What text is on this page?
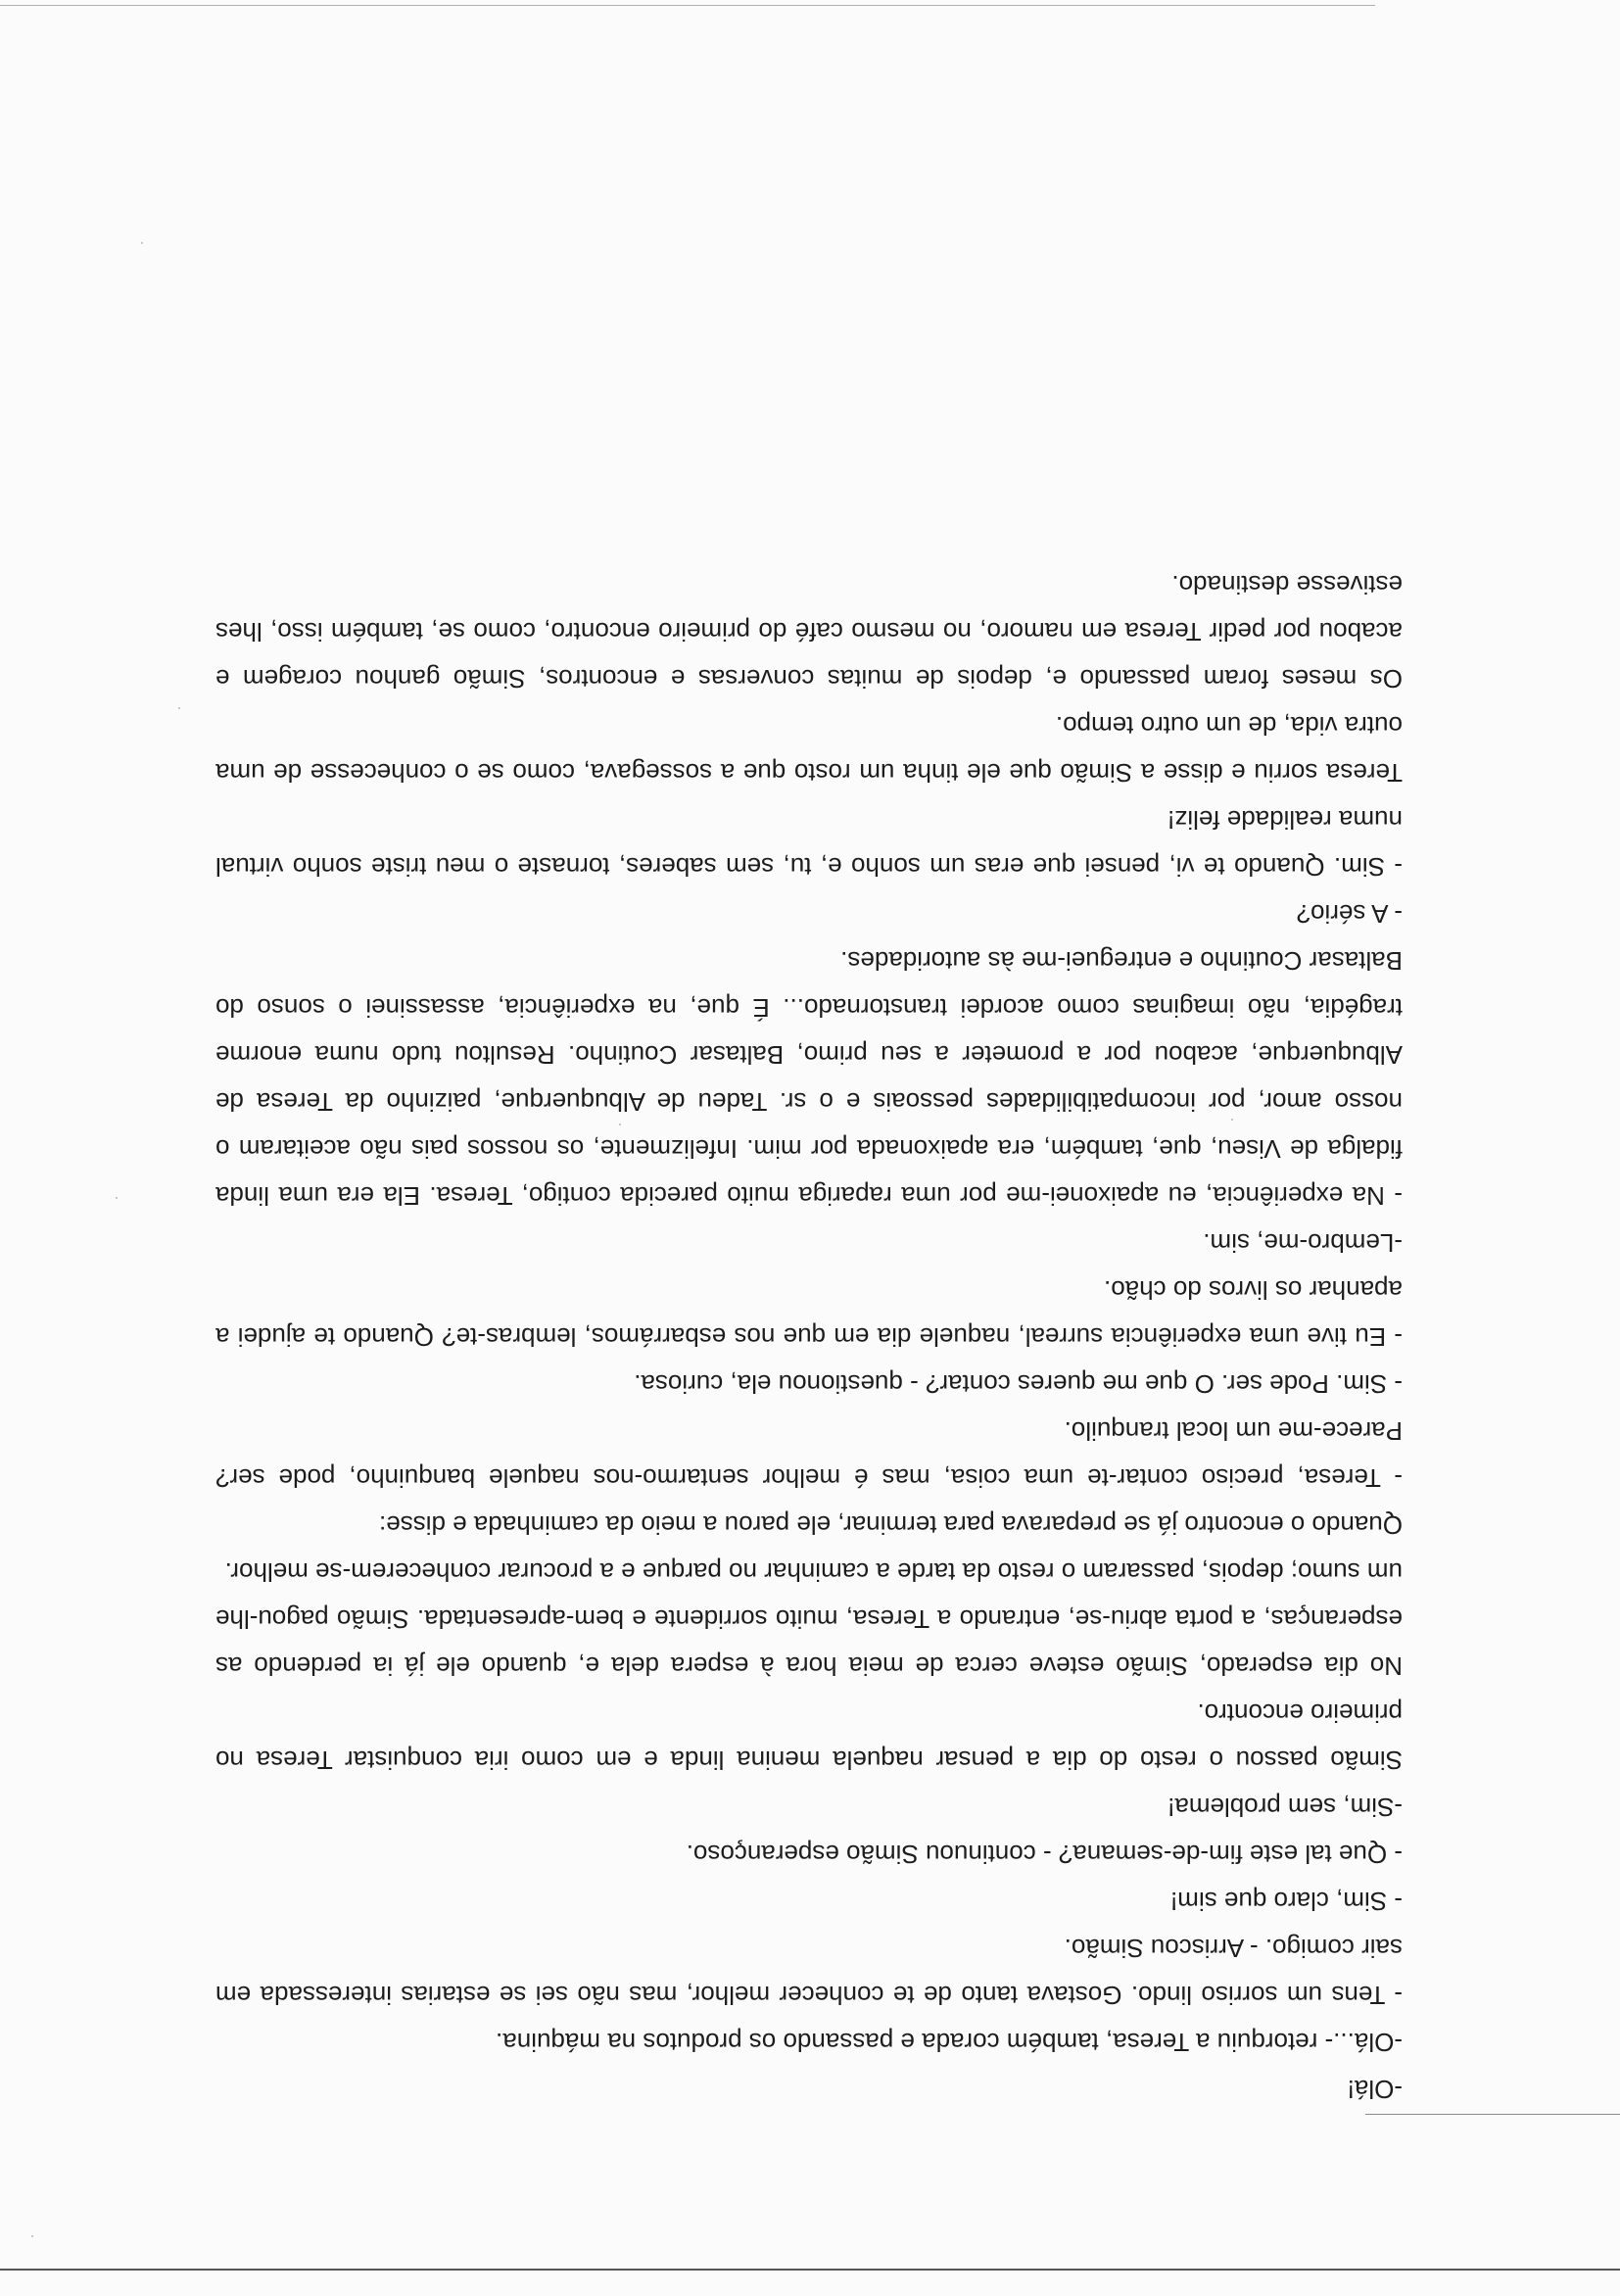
-Olá!

-Olá...- retorquiu a Teresa, também corada e passando os produtos na máquina.

- Tens um sorriso lindo. Gostava tanto de te conhecer melhor, mas não sei se estarias interessada em sair comigo. - Arriscou Simão.

- Sim, claro que sim!

- Que tal este fim-de-semana? - continuou Simão esperançoso.

-Sim, sem problema!

Simão passou o resto do dia a pensar naquela menina linda e em como iria conquistar Teresa no primeiro encontro.

No dia esperado, Simão esteve cerca de meia hora à espera dela e, quando ele já ia perdendo as esperanças, a porta abriu-se, entrando a Teresa, muito sorridente e bem-apresentada. Simão pagou-lhe um sumo; depois, passaram o resto da tarde a caminhar no parque e a procurar conhecerem-se melhor.

Quando o encontro já se preparava para terminar, ele parou a meio da caminhada e disse:

- Teresa, preciso contar-te uma coisa, mas é melhor sentarmo-nos naquele banquinho, pode ser? Parece-me um local tranquilo.

- Sim. Pode ser. O que me queres contar? - questionou ela, curiosa.

- Eu tive uma experiência surreal, naquele dia em que nos esbarrámos, lembras-te? Quando te ajudei a apanhar os livros do chão.

-Lembro-me, sim.

- Na experiência, eu apaixonei-me por uma rapariga muito parecida contigo, Teresa. Ela era uma linda fidalga de Viseu, que, também, era apaixonada por mim. Infelizmente, os nossos pais não aceitaram o nosso amor, por incompatibilidades pessoais e o sr. Tadeu de Albuquerque, paizinho da Teresa de Albuquerque, acabou por a prometer a seu primo, Baltasar Coutinho. Resultou tudo numa enorme tragédia, não imaginas como acordei transtornado... É que, na experiência, assassinei o sonso do Baltasar Coutinho e entreguei-me às autoridades.

- A sério?

- Sim. Quando te vi, pensei que eras um sonho e, tu, sem saberes, tornaste o meu triste sonho virtual numa realidade feliz!

Teresa sorriu e disse a Simão que ele tinha um rosto que a sossegava, como se o conhecesse de uma outra vida, de um outro tempo.

Os meses foram passando e, depois de muitas conversas e encontros, Simão ganhou coragem e acabou por pedir Teresa em namoro, no mesmo café do primeiro encontro, como se, também isso, lhes estivesse destinado.
